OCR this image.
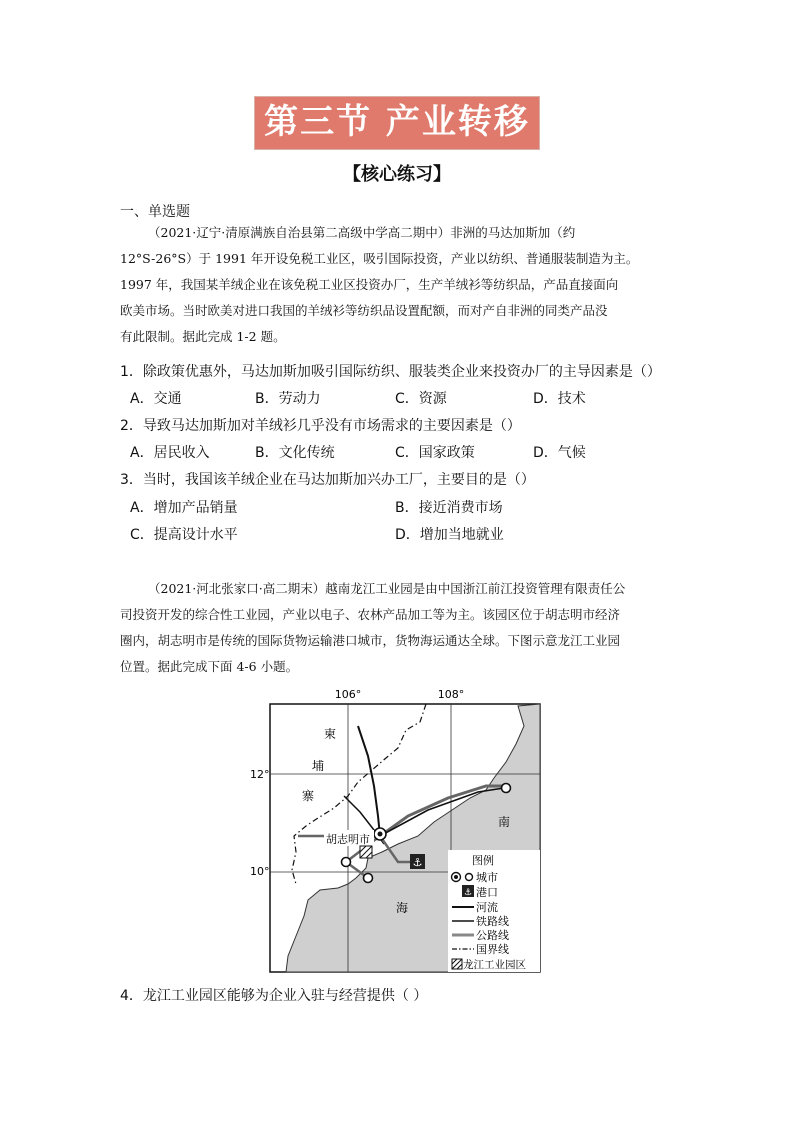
第三节 产业转移
【核心练习】
一、单选题
（2021·辽宁·清原满族自治县第二高级中学高二期中）非洲的马达加斯加（约
12°S-26°S）于 1991 年开设免税工业区，吸引国际投资，产业以纺织、普通服装制造为主。
1997 年，我国某羊绒企业在该免税工业区投资办厂，生产羊绒衫等纺织品，产品直接面向
欧美市场。当时欧美对进口我国的羊绒衫等纺织品设置配额，而对产自非洲的同类产品没
有此限制。据此完成 1-2 题。
1．除政策优惠外，马达加斯加吸引国际纺织、服装类企业来投资办厂的主导因素是（）
A．交通	B．劳动力	C．资源	D．技术
2．导致马达加斯加对羊绒衫几乎没有市场需求的主要因素是（）
A．居民收入	B．文化传统	C．国家政策	D．气候
3．当时，我国该羊绒企业在马达加斯加兴办工厂，主要目的是（）
A．增加产品销量	B．接近消费市场
C．提高设计水平	D．增加当地就业
（2021·河北张家口·高二期末）越南龙江工业园是由中国浙江前江投资管理有限责任公
司投资开发的综合性工业园，产业以电子、农林产品加工等为主。该园区位于胡志明市经济
圈内，胡志明市是传统的国际货物运输港口城市，货物海运通达全球。下图示意龙江工业园
位置。据此完成下面 4-6 小题。
106°	108°
12°
10°
柬
埔
寨
胡志明市
⚓
南
海
图例
城市
⚓ 港口
河流
铁路线
公路线
国界线
龙江工业园区
4．龙江工业园区能够为企业入驻与经营提供（ ）
